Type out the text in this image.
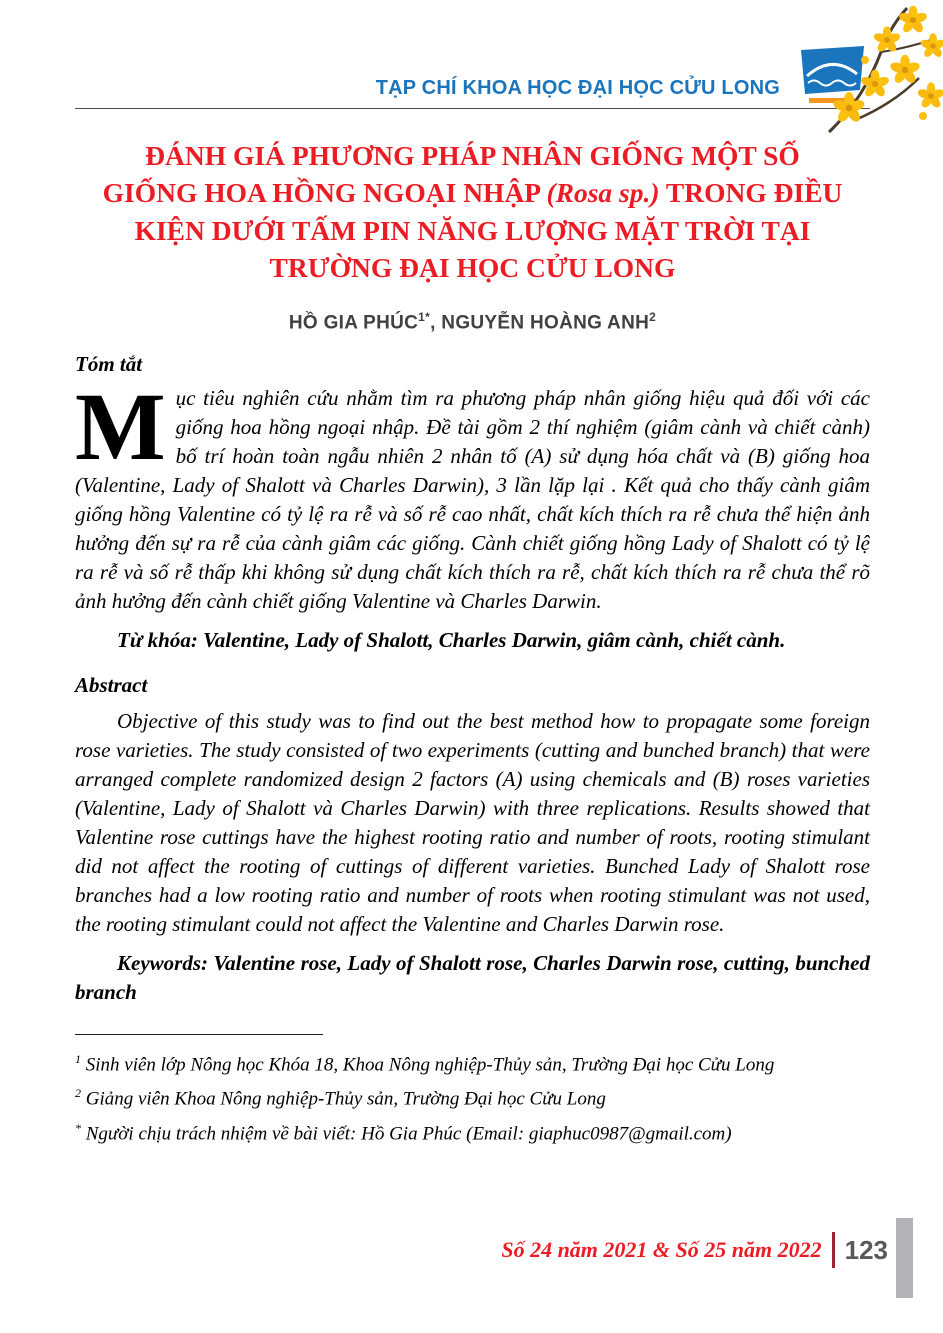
TẠP CHÍ KHOA HỌC ĐẠI HỌC CỬU LONG
ĐÁNH GIÁ PHƯƠNG PHÁP NHÂN GIỐNG MỘT SỐ GIỐNG HOA HỒNG NGOẠI NHẬP (Rosa sp.) TRONG ĐIỀU KIỆN DƯỚI TẤM PIN NĂNG LƯỢNG MẶT TRỜI TẠI TRƯỜNG ĐẠI HỌC CỬU LONG
HỒ GIA $PHÚC^{1*}$, NGUYỄN HOÀNG ANH$^2$
Tóm tắt

Mục tiêu nghiên cứu nhằm tìm ra phương pháp nhân giống hiệu quả đối với các giống hoa hồng ngoại nhập. Đề tài gồm 2 thí nghiệm (giâm cành và chiết cành) bố trí hoàn toàn ngẫu nhiên 2 nhân tố (A) sử dụng hóa chất và (B) giống hoa (Valentine, Lady of Shalott và Charles Darwin), 3 lần lặp lại . Kết quả cho thấy cành giâm giống hồng Valentine có tỷ lệ ra rễ và số rễ cao nhất, chất kích thích ra rễ chưa thể hiện ảnh hưởng đến sự ra rễ của cành giâm các giống. Cành chiết giống hồng Lady of Shalott có tỷ lệ ra rễ và số rễ thấp khi không sử dụng chất kích thích ra rễ, chất kích thích ra rễ chưa thể rõ ảnh hưởng đến cành chiết giống Valentine và Charles Darwin.

Từ khóa: Valentine, Lady of Shalott, Charles Darwin, giâm cành, chiết cành.

Abstract

Objective of this study was to find out the best method how to propagate some foreign rose varieties. The study consisted of two experiments (cutting and bunched branch) that were arranged complete randomized design 2 factors (A) using chemicals and (B) roses varieties (Valentine, Lady of Shalott và Charles Darwin) with three replications. Results showed that Valentine rose cuttings have the highest rooting ratio and number of roots, rooting stimulant did not affect the rooting of cuttings of different varieties. Bunched Lady of Shalott rose branches had a low rooting ratio and number of roots when rooting stimulant was not used, the rooting stimulant could not affect the Valentine and Charles Darwin rose.

Keywords: Valentine rose, Lady of Shalott rose, Charles Darwin rose, cutting, bunched branch

$^1$ Sinh viên lớp Nông học Khóa 18, Khoa Nông nghiệp-Thủy sản, Trường Đại học Cửu Long

$^2$ Giảng viên Khoa Nông nghiệp-Thủy sản, Trường Đại học Cửu Long

* Người chịu trách nhiệm về bài viết: Hồ Gia Phúc (Email: giaphuc0987@gmail.com)

Số 24 năm 2021 & Số 25 năm 2022 123
